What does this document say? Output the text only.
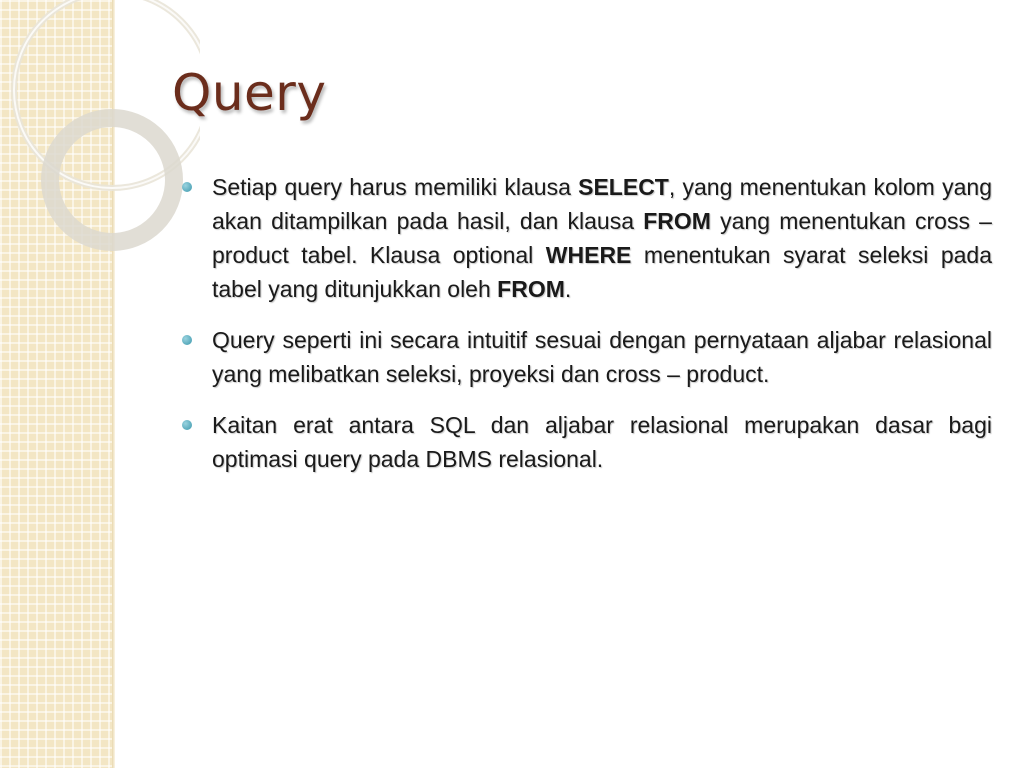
Query
Setiap query harus memiliki klausa SELECT, yang menentukan kolom yang akan ditampilkan pada hasil, dan klausa FROM yang menentukan cross – product tabel. Klausa optional WHERE menentukan syarat seleksi pada tabel yang ditunjukkan oleh FROM.
Query seperti ini secara intuitif sesuai dengan pernyataan aljabar relasional yang melibatkan seleksi, proyeksi dan cross – product.
Kaitan erat antara SQL dan aljabar relasional merupakan dasar bagi optimasi query pada DBMS relasional.
